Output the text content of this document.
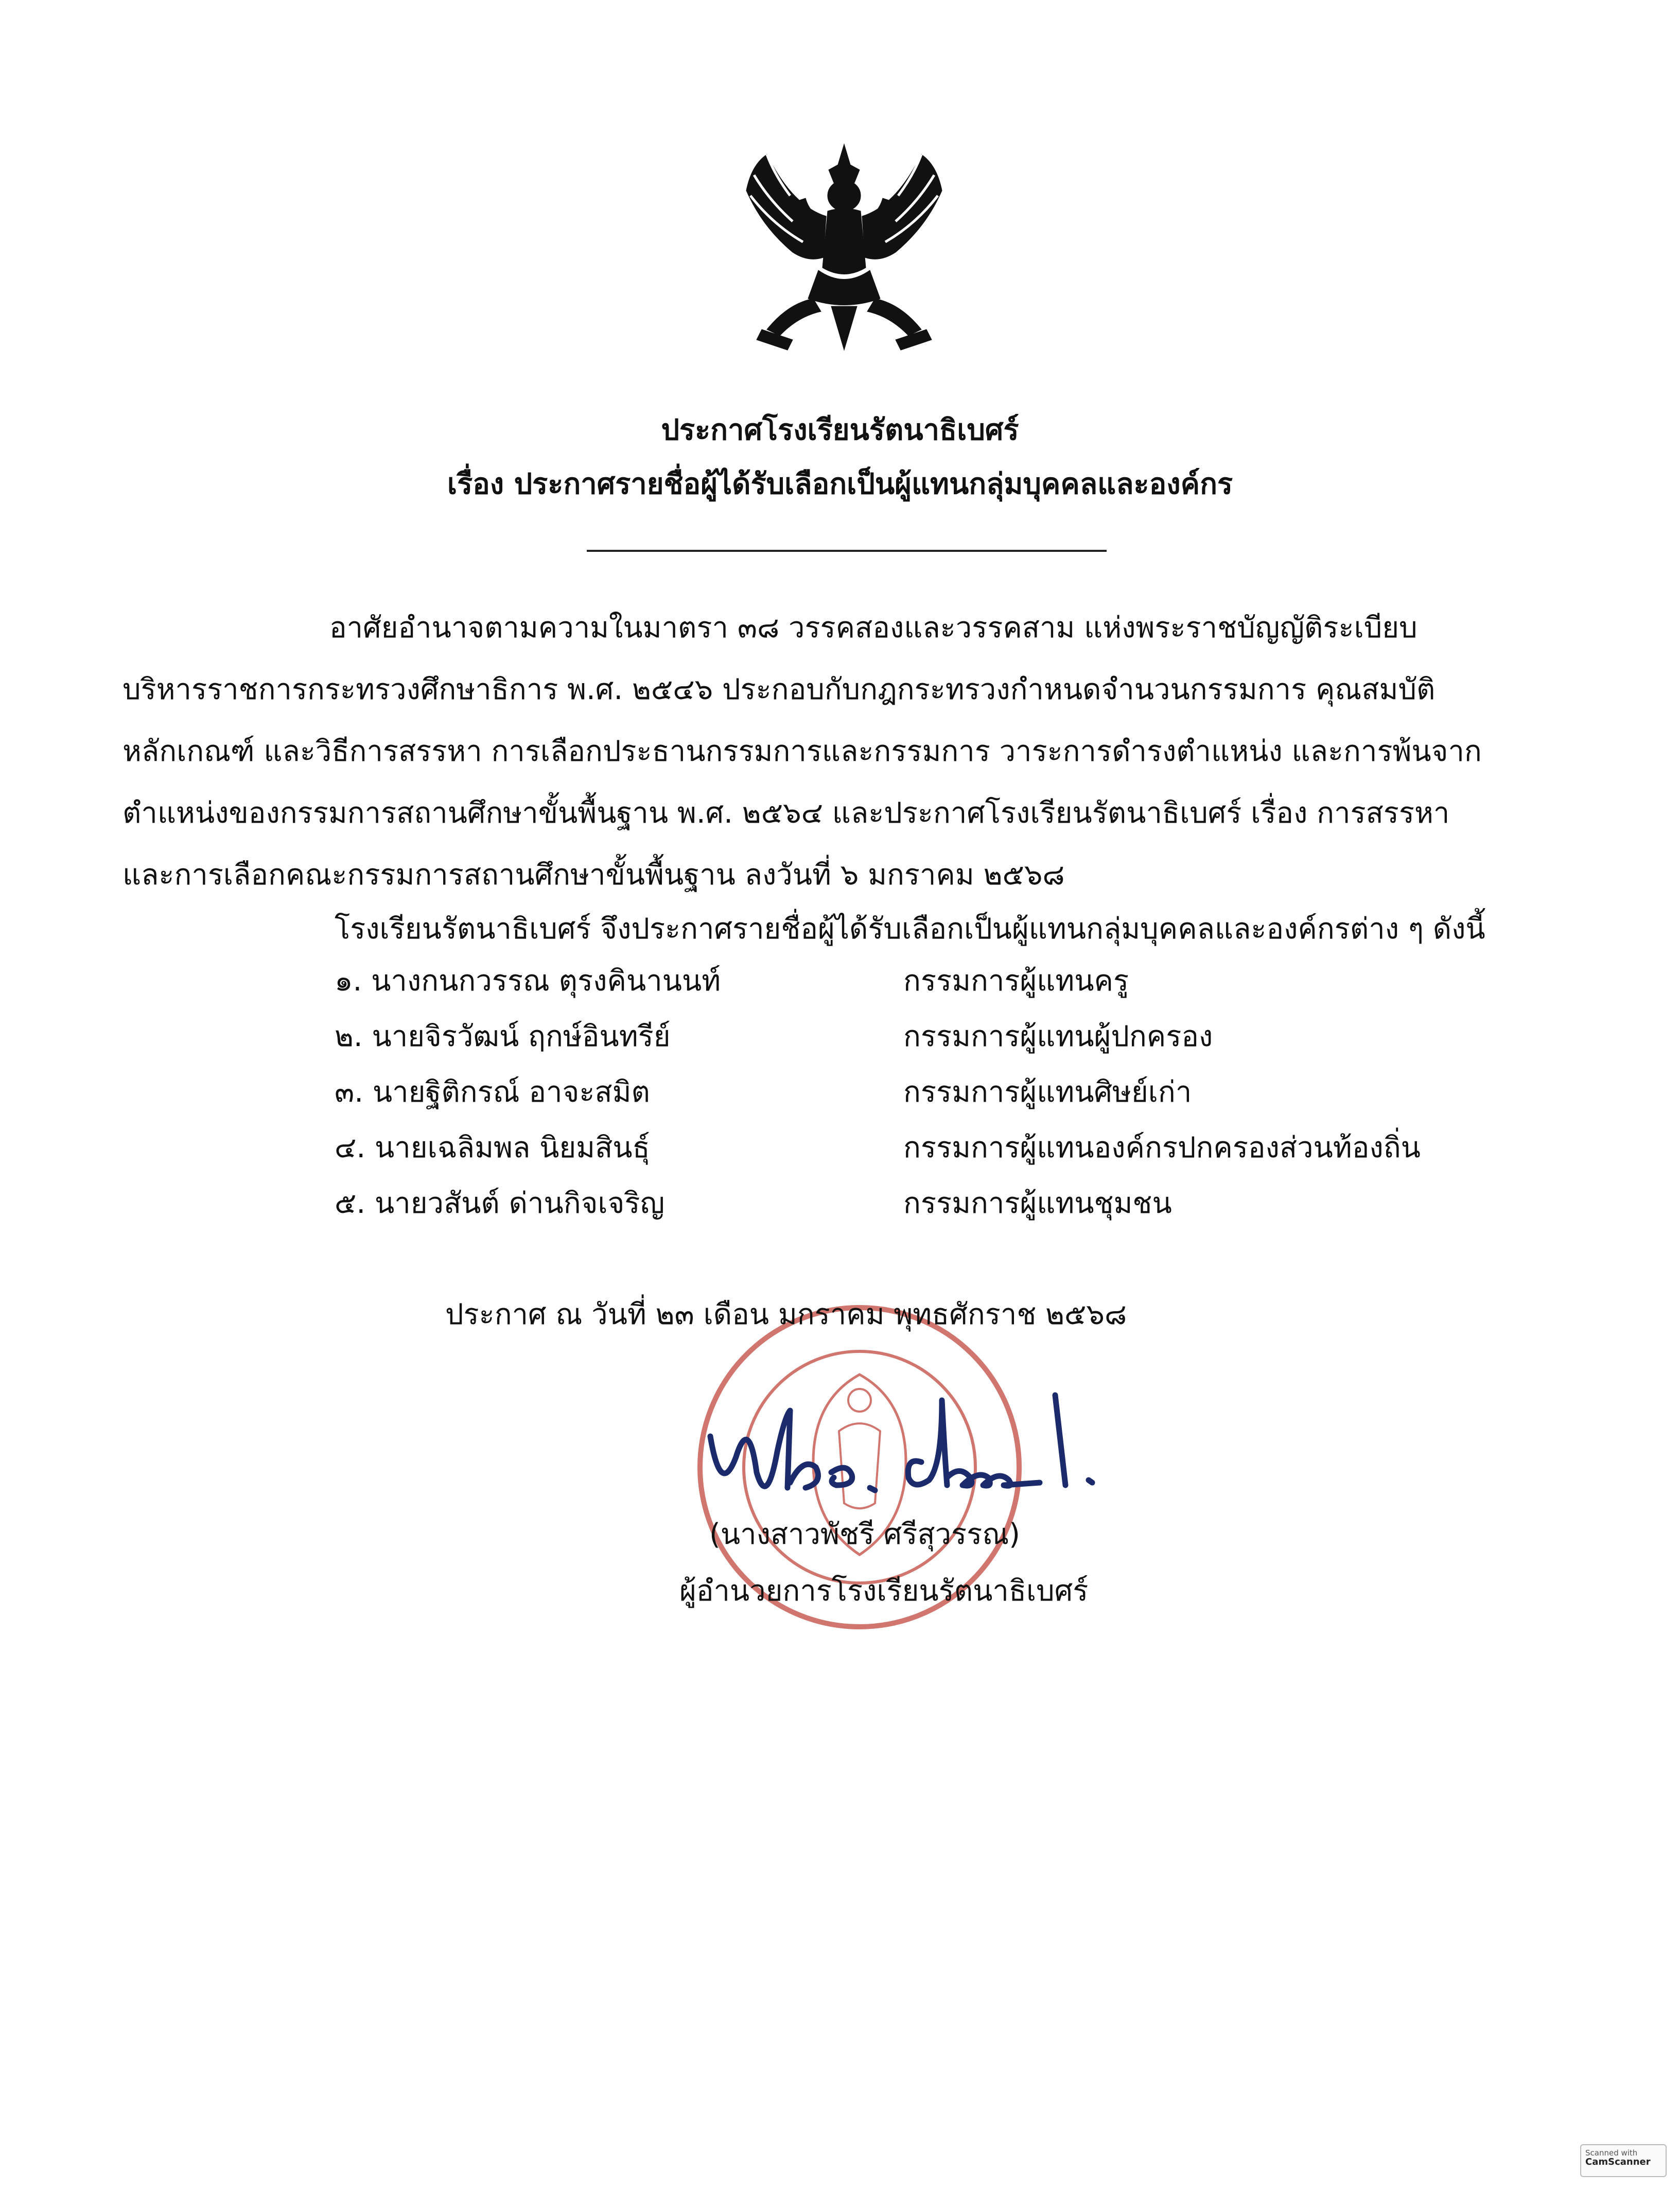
ประกาศโรงเรียนรัตนาธิเบศร์
เรื่อง ประกาศรายชื่อผู้ได้รับเลือกเป็นผู้แทนกลุ่มบุคคลและองค์กร
อาศัยอำนาจตามความในมาตรา ๓๘ วรรคสองและวรรคสาม แห่งพระราชบัญญัติระเบียบ
บริหารราชการกระทรวงศึกษาธิการ พ.ศ. ๒๕๔๖ ประกอบกับกฎกระทรวงกำหนดจำนวนกรรมการ คุณสมบัติ
หลักเกณฑ์ และวิธีการสรรหา การเลือกประธานกรรมการและกรรมการ วาระการดำรงตำแหน่ง และการพ้นจาก
ตำแหน่งของกรรมการสถานศึกษาขั้นพื้นฐาน พ.ศ. ๒๕๖๔ และประกาศโรงเรียนรัตนาธิเบศร์ เรื่อง การสรรหา
และการเลือกคณะกรรมการสถานศึกษาขั้นพื้นฐาน ลงวันที่ ๖ มกราคม ๒๕๖๘
โรงเรียนรัตนาธิเบศร์ จึงประกาศรายชื่อผู้ได้รับเลือกเป็นผู้แทนกลุ่มบุคคลและองค์กรต่าง ๆ ดังนี้
๑. นางกนกวรรณ ตุรงคินานนท์	กรรมการผู้แทนครู
๒. นายจิรวัฒน์ ฤกษ์อินทรีย์	กรรมการผู้แทนผู้ปกครอง
๓. นายฐิติกรณ์ อาจะสมิต	กรรมการผู้แทนศิษย์เก่า
๔. นายเฉลิมพล นิยมสินธุ์	กรรมการผู้แทนองค์กรปกครองส่วนท้องถิ่น
๕. นายวสันต์ ด่านกิจเจริญ	กรรมการผู้แทนชุมชน
ประกาศ ณ วันที่ ๒๓ เดือน มกราคม พุทธศักราช ๒๕๖๘
(นางสาวพัชรี ศรีสุวรรณ)
ผู้อำนวยการโรงเรียนรัตนาธิเบศร์
Scanned with
CamScanner
